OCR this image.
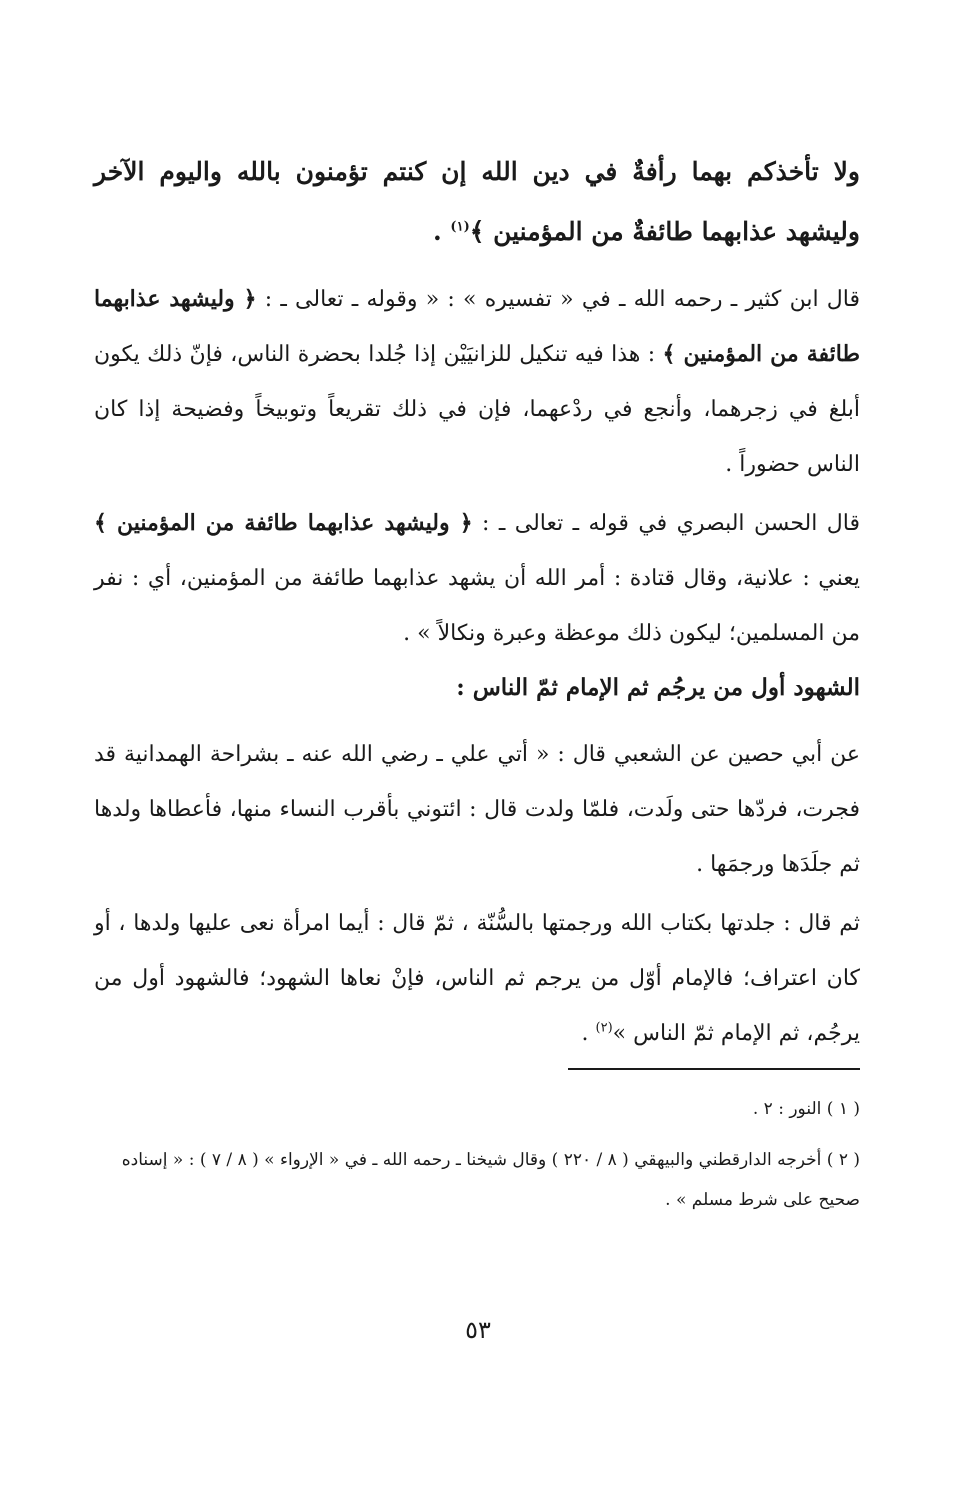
ولا تأخذكم بهما رأفةٌ في دين الله إن كنتم تؤمنون بالله واليوم الآخر وليشهد عذابهما طائفةٌ من المؤمنين ﴾$^{(١)}$ .
قال ابن كثير ـ رحمه الله ـ في « تفسيره » : « وقوله ـ تعالى ـ : ﴿ وليشهد عذابهما طائفة من المؤمنين ﴾ : هذا فيه تنكيل للزانيَيْن إذا جُلدا بحضرة الناس، فإنّ ذلك يكون أبلغ في زجرهما، وأنجع في ردْعهما، فإن في ذلك تقريعاً وتوبيخاً وفضيحة إذا كان الناس حضوراً .
قال الحسن البصري في قوله ـ تعالى ـ : ﴿ وليشهد عذابهما طائفة من المؤمنين ﴾ يعني : علانية، وقال قتادة : أمر الله أن يشهد عذابهما طائفة من المؤمنين، أي : نفر من المسلمين؛ ليكون ذلك موعظة وعبرة ونكالاً » .
الشهود أول من يرجُم ثم الإمام ثمّ الناس :
عن أبي حصين عن الشعبي قال : « أتي علي ـ رضي الله عنه ـ بشراحة الهمدانية قد فجرت، فردّها حتى ولَدت، فلمّا ولدت قال : ائتوني بأقرب النساء منها، فأعطاها ولدها ثم جلَدَها ورجمَها .
ثم قال : جلدتها بكتاب الله ورجمتها بالسُّنّة ، ثمّ قال : أيما امرأة نعى عليها ولدها ، أو كان اعتراف؛ فالإمام أوّل من يرجم ثم الناس، فإنْ نعاها الشهود؛ فالشهود أول من يرجُم، ثم الإمام ثمّ الناس »$^{(٢)}$ .
( ١ ) النور : ٢ .
( ٢ ) أخرجه الدارقطني والبيهقي ( ٨ / ٢٢٠ ) وقال شيخنا ـ رحمه الله ـ في « الإرواء » ( ٨ / ٧ ) : « إسناده صحيح على شرط مسلم » .
٥٣
